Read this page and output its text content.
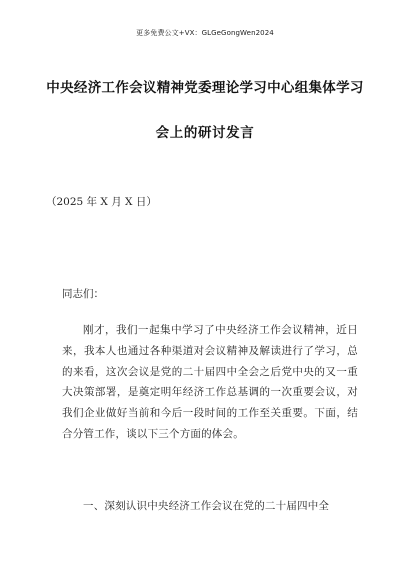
更多免费公文+VX：GLGeGongWen2024
中央经济工作会议精神党委理论学习中心组集体学习
会上的研讨发言
（2025 年 X 月 X 日）
同志们：

刚才，我们一起集中学习了中央经济工作会议精神，近日来，我本人也通过各种渠道对会议精神及解读进行了学习，总的来看，这次会议是党的二十届四中全会之后党中央的又一重大决策部署，是奠定明年经济工作总基调的一次重要会议，对我们企业做好当前和今后一段时间的工作至关重要。下面，结合分管工作，谈以下三个方面的体会。

一、深刻认识中央经济工作会议在党的二十届四中全
